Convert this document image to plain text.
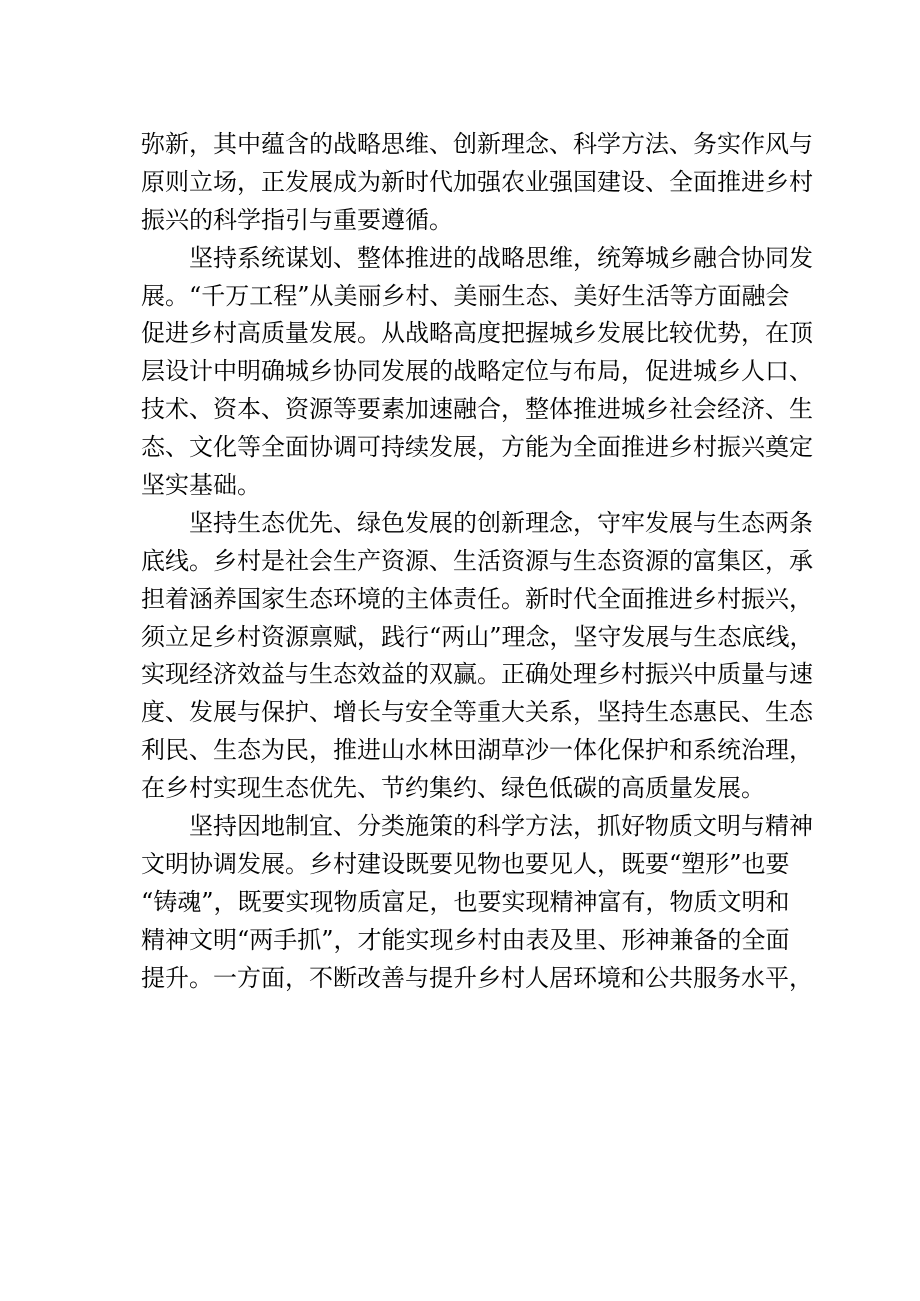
弥新，其中蕴含的战略思维、创新理念、科学方法、务实作风与
原则立场，正发展成为新时代加强农业强国建设、全面推进乡村
振兴的科学指引与重要遵循。
坚持系统谋划、整体推进的战略思维，统筹城乡融合协同发
展。“千万工程”从美丽乡村、美丽生态、美好生活等方面融会
促进乡村高质量发展。从战略高度把握城乡发展比较优势，在顶
层设计中明确城乡协同发展的战略定位与布局，促进城乡人口、
技术、资本、资源等要素加速融合，整体推进城乡社会经济、生
态、文化等全面协调可持续发展，方能为全面推进乡村振兴奠定
坚实基础。
坚持生态优先、绿色发展的创新理念，守牢发展与生态两条
底线。乡村是社会生产资源、生活资源与生态资源的富集区，承
担着涵养国家生态环境的主体责任。新时代全面推进乡村振兴，
须立足乡村资源禀赋，践行“两山”理念，坚守发展与生态底线，
实现经济效益与生态效益的双赢。正确处理乡村振兴中质量与速
度、发展与保护、增长与安全等重大关系，坚持生态惠民、生态
利民、生态为民，推进山水林田湖草沙一体化保护和系统治理，
在乡村实现生态优先、节约集约、绿色低碳的高质量发展。
坚持因地制宜、分类施策的科学方法，抓好物质文明与精神
文明协调发展。乡村建设既要见物也要见人，既要“塑形”也要
“铸魂”，既要实现物质富足，也要实现精神富有，物质文明和
精神文明“两手抓”，才能实现乡村由表及里、形神兼备的全面
提升。一方面，不断改善与提升乡村人居环境和公共服务水平，
